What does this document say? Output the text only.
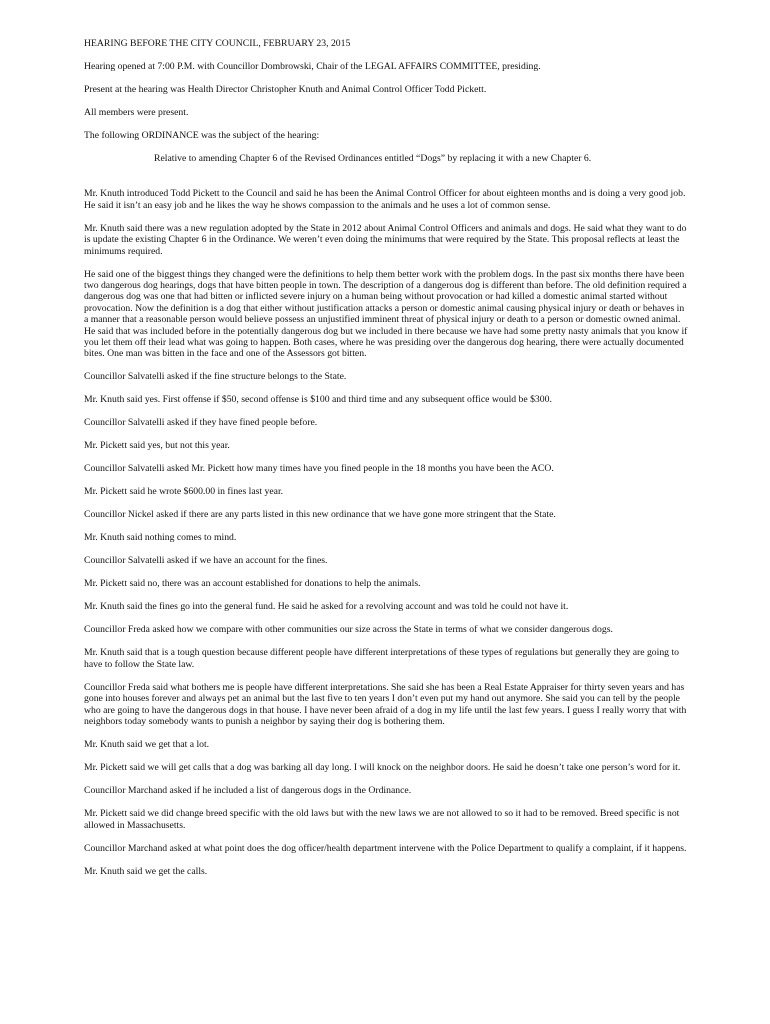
HEARING BEFORE THE CITY COUNCIL, FEBRUARY 23, 2015

Hearing opened at 7:00 P.M. with Councillor Dombrowski, Chair of the LEGAL AFFAIRS COMMITTEE, presiding.

Present at the hearing was Health Director Christopher Knuth and Animal Control Officer Todd Pickett.

All members were present.

The following ORDINANCE was the subject of the hearing:

Relative to amending Chapter 6 of the Revised Ordinances entitled “Dogs” by replacing it with a new Chapter 6.

Mr. Knuth introduced Todd Pickett to the Council and said he has been the Animal Control Officer for about eighteen months and is doing a very good job. He said it isn’t an easy job and he likes the way he shows compassion to the animals and he uses a lot of common sense.

Mr. Knuth said there was a new regulation adopted by the State in 2012 about Animal Control Officers and animals and dogs. He said what they want to do is update the existing Chapter 6 in the Ordinance. We weren’t even doing the minimums that were required by the State. This proposal reflects at least the minimums required.

He said one of the biggest things they changed were the definitions to help them better work with the problem dogs. In the past six months there have been two dangerous dog hearings, dogs that have bitten people in town. The description of a dangerous dog is different than before. The old definition required a dangerous dog was one that had bitten or inflicted severe injury on a human being without provocation or had killed a domestic animal started without provocation. Now the definition is a dog that either without justification attacks a person or domestic animal causing physical injury or death or behaves in a manner that a reasonable person would believe possess an unjustified imminent threat of physical injury or death to a person or domestic owned animal. He said that was included before in the potentially dangerous dog but we included in there because we have had some pretty nasty animals that you know if you let them off their lead what was going to happen. Both cases, where he was presiding over the dangerous dog hearing, there were actually documented bites. One man was bitten in the face and one of the Assessors got bitten.

Councillor Salvatelli asked if the fine structure belongs to the State.

Mr. Knuth said yes. First offense if $50, second offense is $100 and third time and any subsequent office would be $300.

Councillor Salvatelli asked if they have fined people before.

Mr. Pickett said yes, but not this year.

Councillor Salvatelli asked Mr. Pickett how many times have you fined people in the 18 months you have been the ACO.

Mr. Pickett said he wrote $600.00 in fines last year.

Councillor Nickel asked if there are any parts listed in this new ordinance that we have gone more stringent that the State.

Mr. Knuth said nothing comes to mind.

Councillor Salvatelli asked if we have an account for the fines.

Mr. Pickett said no, there was an account established for donations to help the animals.

Mr. Knuth said the fines go into the general fund. He said he asked for a revolving account and was told he could not have it.

Councillor Freda asked how we compare with other communities our size across the State in terms of what we consider dangerous dogs.

Mr. Knuth said that is a tough question because different people have different interpretations of these types of regulations but generally they are going to have to follow the State law.

Councillor Freda said what bothers me is people have different interpretations. She said she has been a Real Estate Appraiser for thirty seven years and has gone into houses forever and always pet an animal but the last five to ten years I don’t even put my hand out anymore. She said you can tell by the people who are going to have the dangerous dogs in that house. I have never been afraid of a dog in my life until the last few years. I guess I really worry that with neighbors today somebody wants to punish a neighbor by saying their dog is bothering them.

Mr. Knuth said we get that a lot.

Mr. Pickett said we will get calls that a dog was barking all day long. I will knock on the neighbor doors. He said he doesn’t take one person’s word for it.

Councillor Marchand asked if he included a list of dangerous dogs in the Ordinance.

Mr. Pickett said we did change breed specific with the old laws but with the new laws we are not allowed to so it had to be removed. Breed specific is not allowed in Massachusetts.

Councillor Marchand asked at what point does the dog officer/health department intervene with the Police Department to qualify a complaint, if it happens.

Mr. Knuth said we get the calls.
